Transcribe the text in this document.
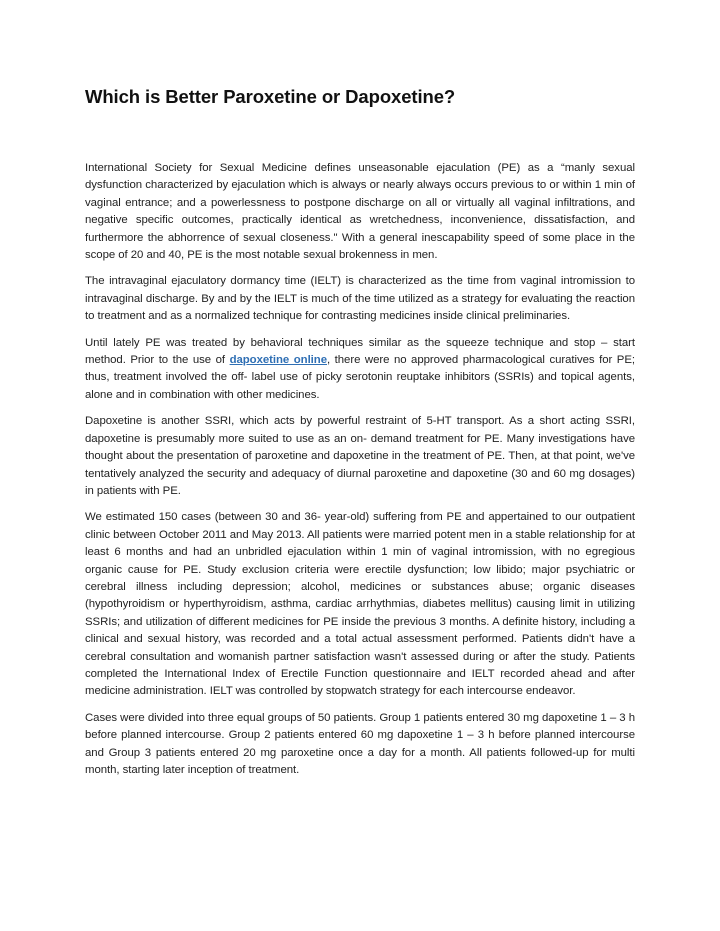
Which is Better Paroxetine or Dapoxetine?

International Society for Sexual Medicine defines unseasonable ejaculation (PE) as a “manly sexual dysfunction characterized by ejaculation which is always or nearly always occurs previous to or within 1 min of vaginal entrance; and a powerlessness to postpone discharge on all or virtually all vaginal infiltrations, and negative specific outcomes, practically identical as wretchedness, inconvenience, dissatisfaction, and furthermore the abhorrence of sexual closeness." With a general inescapability speed of some place in the scope of 20 and 40, PE is the most notable sexual brokenness in men.

The intravaginal ejaculatory dormancy time (IELT) is characterized as the time from vaginal intromission to intravaginal discharge. By and by the IELT is much of the time utilized as a strategy for evaluating the reaction to treatment and as a normalized technique for contrasting medicines inside clinical preliminaries.

Until lately PE was treated by behavioral techniques similar as the squeeze technique and stop – start method. Prior to the use of dapoxetine online, there were no approved pharmacological curatives for PE; thus, treatment involved the off- label use of picky serotonin reuptake inhibitors (SSRIs) and topical agents, alone and in combination with other medicines.

Dapoxetine is another SSRI, which acts by powerful restraint of 5-HT transport. As a short acting SSRI, dapoxetine is presumably more suited to use as an on- demand treatment for PE. Many investigations have thought about the presentation of paroxetine and dapoxetine in the treatment of PE. Then, at that point, we've tentatively analyzed the security and adequacy of diurnal paroxetine and dapoxetine (30 and 60 mg dosages) in patients with PE.

We estimated 150 cases (between 30 and 36- year-old) suffering from PE and appertained to our outpatient clinic between October 2011 and May 2013. All patients were married potent men in a stable relationship for at least 6 months and had an unbridled ejaculation within 1 min of vaginal intromission, with no egregious organic cause for PE. Study exclusion criteria were erectile dysfunction; low libido; major psychiatric or cerebral illness including depression; alcohol, medicines or substances abuse; organic diseases (hypothyroidism or hyperthyroidism, asthma, cardiac arrhythmias, diabetes mellitus) causing limit in utilizing SSRIs; and utilization of different medicines for PE inside the previous 3 months. A definite history, including a clinical and sexual history, was recorded and a total actual assessment performed. Patients didn't have a cerebral consultation and womanish partner satisfaction wasn't assessed during or after the study. Patients completed the International Index of Erectile Function questionnaire and IELT recorded ahead and after medicine administration. IELT was controlled by stopwatch strategy for each intercourse endeavor.

Cases were divided into three equal groups of 50 patients. Group 1 patients entered 30 mg dapoxetine 1 – 3 h before planned intercourse. Group 2 patients entered 60 mg dapoxetine 1 – 3 h before planned intercourse and Group 3 patients entered 20 mg paroxetine once a day for a month. All patients followed-up for multi month, starting later inception of treatment.
